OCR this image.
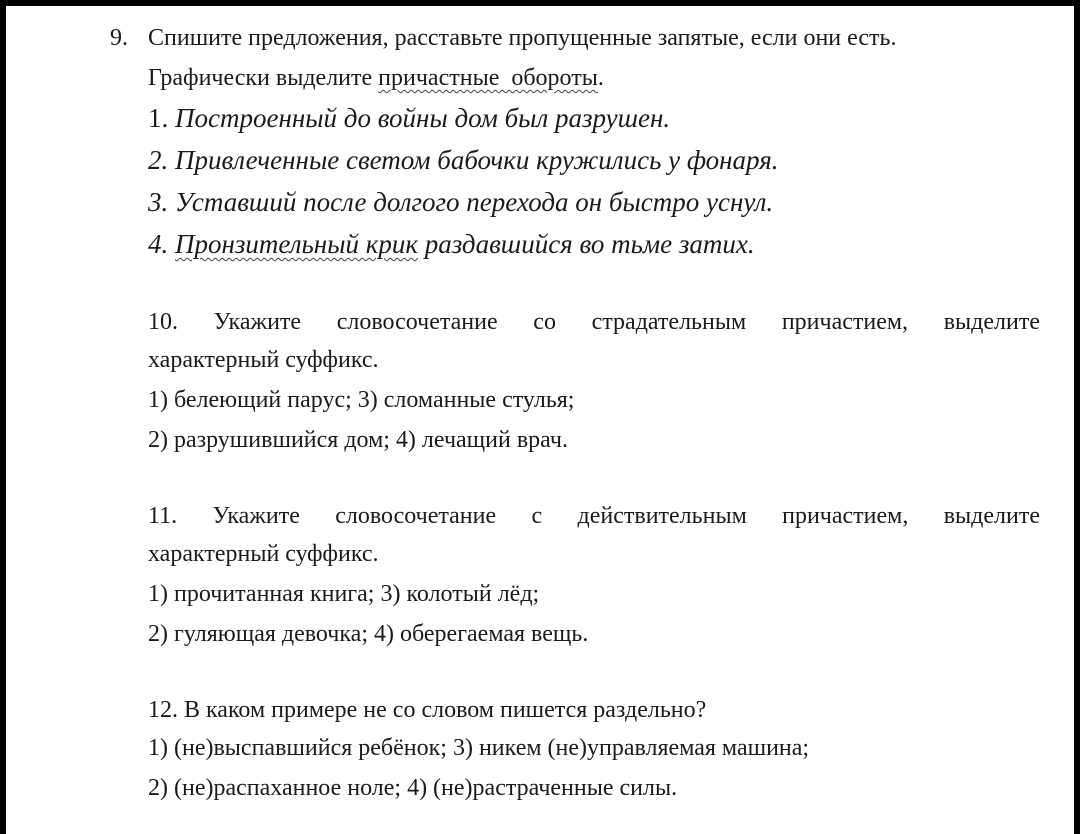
9. Спишите предложения, расставьте пропущенные запятые, если они есть.
Графически выделите причастные  обороты.
1. Построенный до войны дом был разрушен.
2. Привлеченные светом бабочки кружились у фонаря.
3. Уставший после долгого перехода он быстро уснул.
4. Пронзительный крик раздавшийся во тьме затих.
10. Укажите словосочетание со страдательным причастием, выделите
характерный суффикс.
1) белеющий парус; 3) сломанные стулья;
2) разрушившийся дом; 4) лечащий врач.
11. Укажите словосочетание с действительным причастием, выделите
характерный суффикс.
1) прочитанная книга; 3) колотый лёд;
2) гуляющая девочка; 4) оберегаемая вещь.
12. В каком примере не со словом пишется раздельно?
1) (не)выспавшийся ребёнок; 3) никем (не)управляемая машина;
2) (не)распаханное ноле; 4) (не)растраченные силы.
